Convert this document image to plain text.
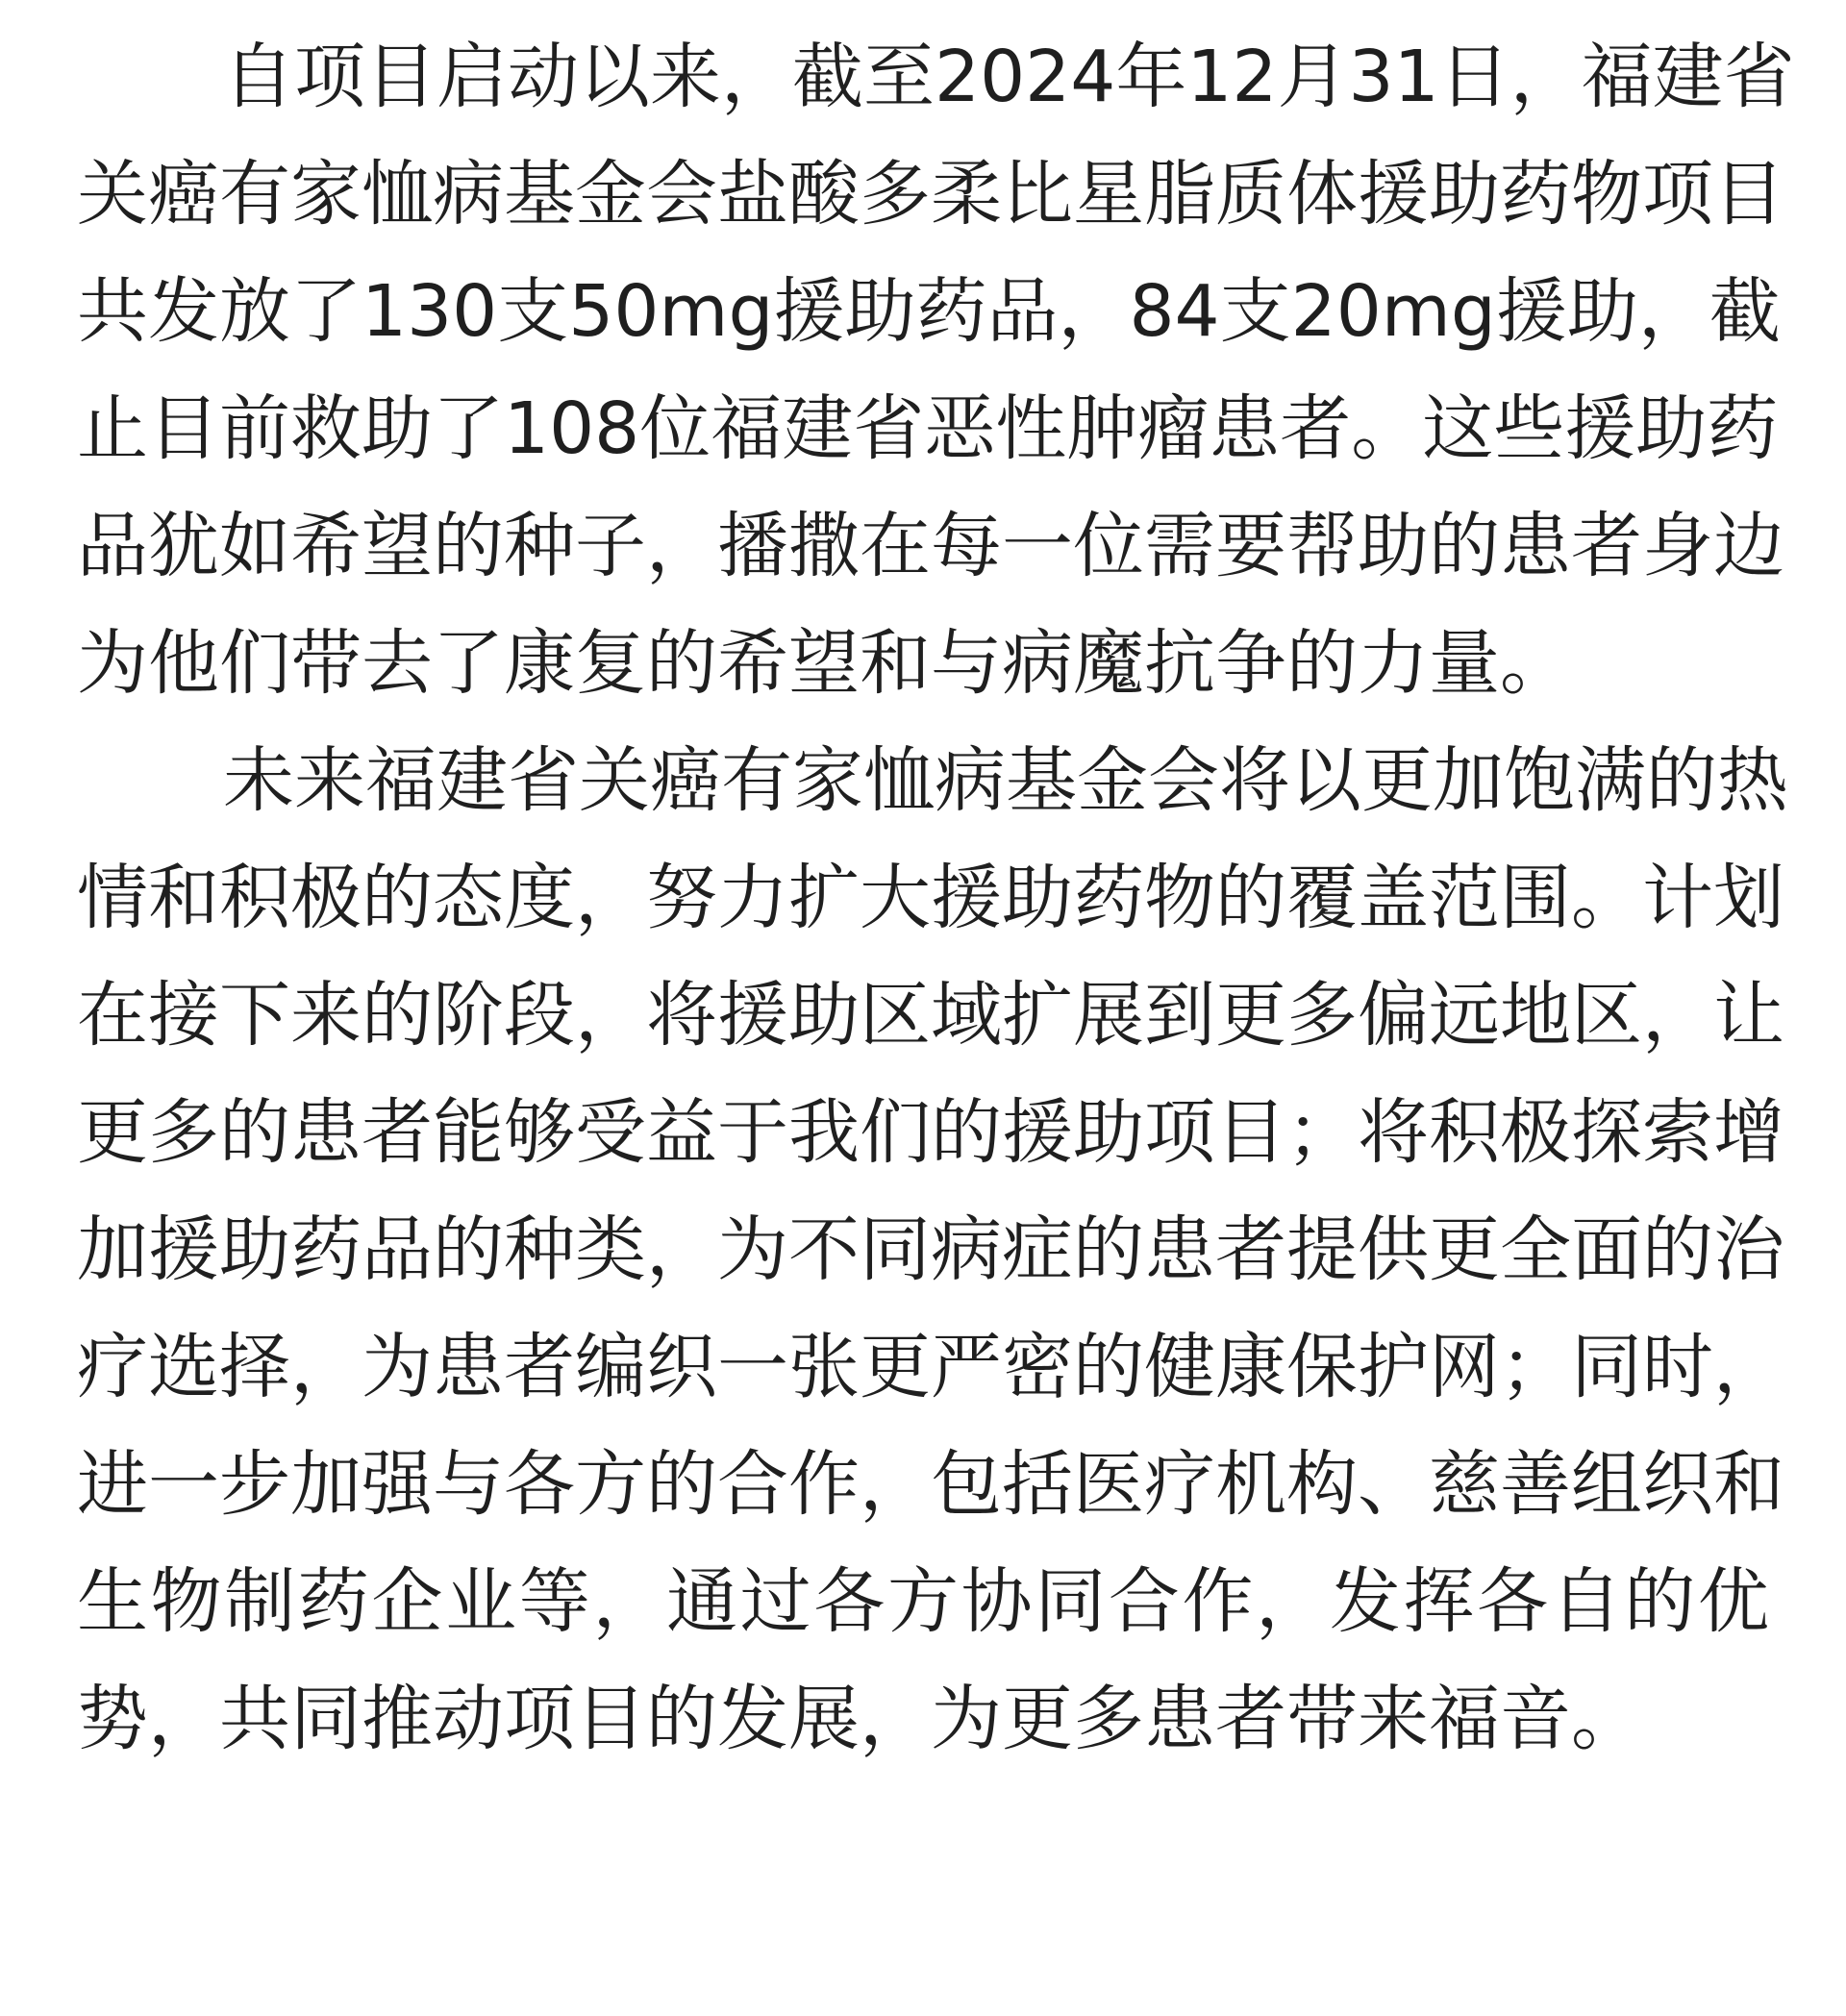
自项目启动以来，截至2024年12月31日，福建省
关癌有家恤病基金会盐酸多柔比星脂质体援助药物项目
共发放了130支50mg援助药品，84支20mg援助，截
止目前救助了108位福建省恶性肿瘤患者。这些援助药
品犹如希望的种子，播撒在每一位需要帮助的患者身边
为他们带去了康复的希望和与病魔抗争的力量。
未来福建省关癌有家恤病基金会将以更加饱满的热
情和积极的态度，努力扩大援助药物的覆盖范围。计划
在接下来的阶段，将援助区域扩展到更多偏远地区，让
更多的患者能够受益于我们的援助项目；将积极探索增
加援助药品的种类，为不同病症的患者提供更全面的治
疗选择，为患者编织一张更严密的健康保护网；同时，
进一步加强与各方的合作，包括医疗机构、慈善组织和
生物制药企业等，通过各方协同合作，发挥各自的优
势，共同推动项目的发展，为更多患者带来福音。
